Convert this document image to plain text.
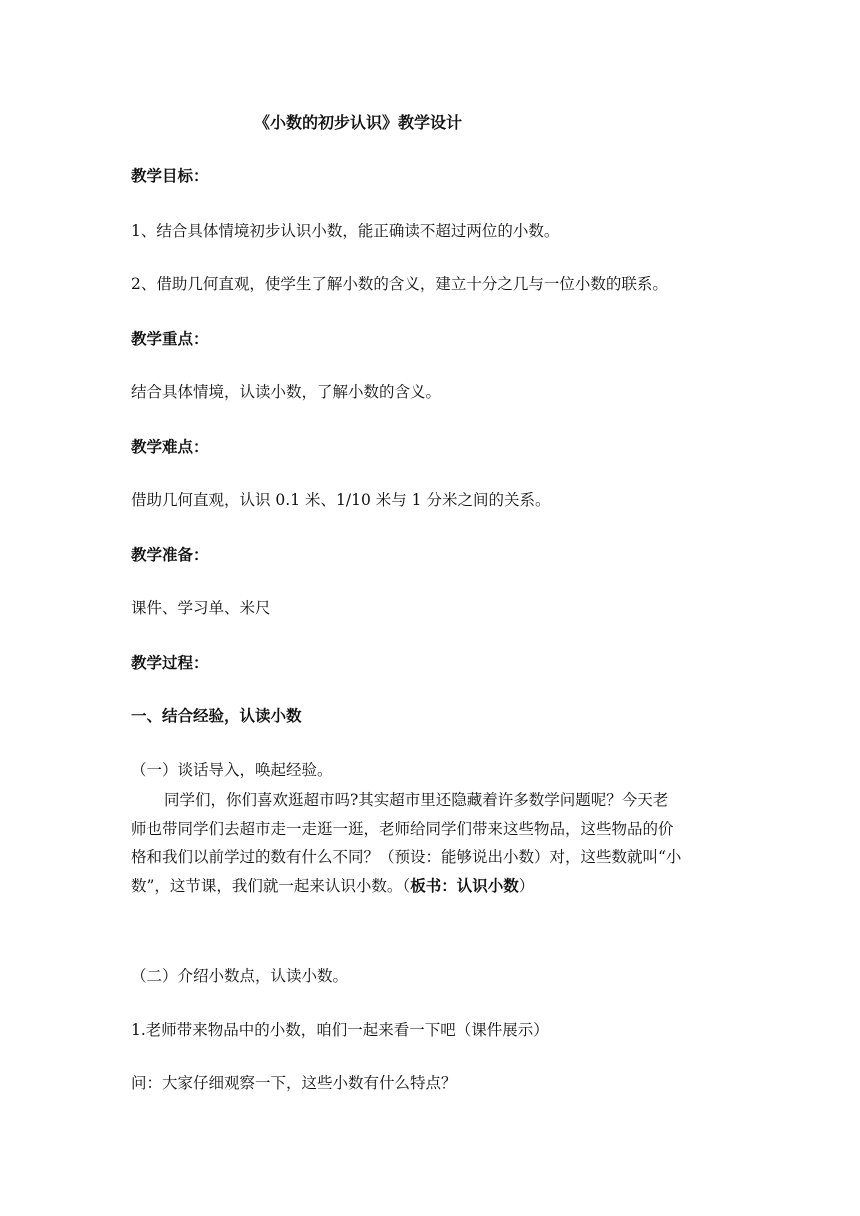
《小数的初步认识》教学设计

教学目标：

1、结合具体情境初步认识小数，能正确读不超过两位的小数。

2、借助几何直观，使学生了解小数的含义，建立十分之几与一位小数的联系。

教学重点：

结合具体情境，认读小数，了解小数的含义。

教学难点：

借助几何直观，认识 0.1 米、1/10 米与 1 分米之间的关系。

教学准备：

课件、学习单、米尺

教学过程：

一、结合经验，认读小数

（一）谈话导入，唤起经验。

同学们，你们喜欢逛超市吗?其实超市里还隐藏着许多数学问题呢？今天老
师也带同学们去超市走一走逛一逛，老师给同学们带来这些物品，这些物品的价
格和我们以前学过的数有什么不同？（预设：能够说出小数）对，这些数就叫“小
数”，这节课，我们就一起来认识小数。（板书：认识小数）

（二）介绍小数点，认读小数。

1.老师带来物品中的小数，咱们一起来看一下吧（课件展示）

问：大家仔细观察一下，这些小数有什么特点？
